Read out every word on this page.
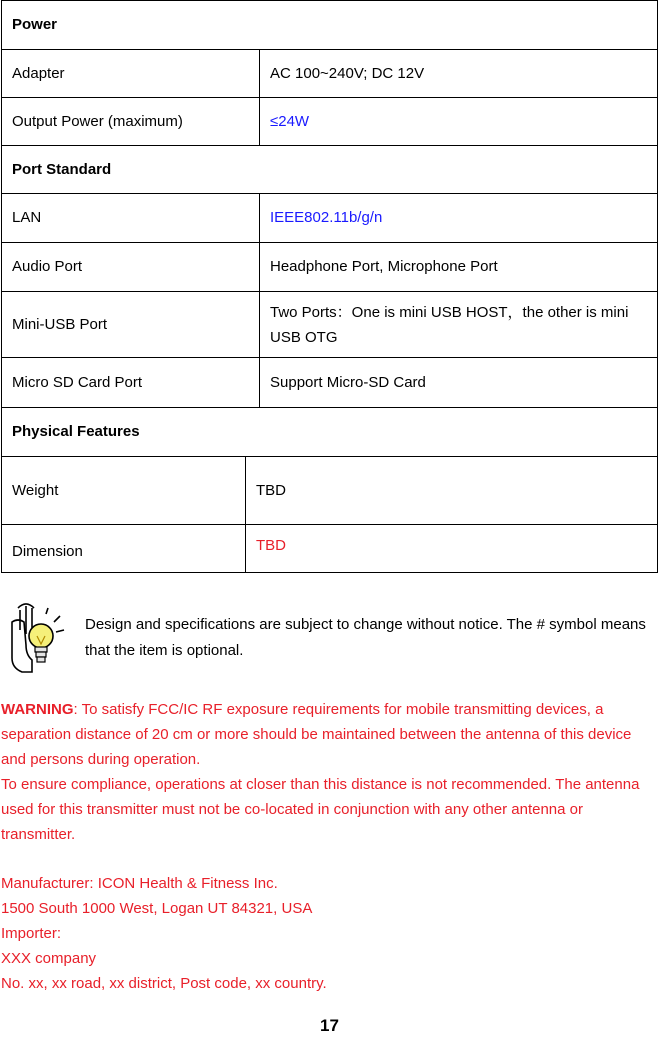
Power		
Adapter		AC 100~240V; DC 12V
Output Power (maximum)		≤24W
Port Standard		
LAN		IEEE802.11b/g/n
Audio Port		Headphone Port, Microphone Port
Mini-USB Port		Two Ports：One is mini USB HOST，the other is mini USB OTG
Micro SD Card Port		Support Micro-SD Card
Physical Features		
Weight	TBD	
Dimension	TBD	
Design and specifications are subject to change without notice. The # symbol means that the item is optional.

WARNING: To satisfy FCC/IC RF exposure requirements for mobile transmitting devices, a separation distance of 20 cm or more should be maintained between the antenna of this device and persons during operation.

To ensure compliance, operations at closer than this distance is not recommended. The antenna used for this transmitter must not be co-located in conjunction with any other antenna or transmitter.

Manufacturer: ICON Health & Fitness Inc.

1500 South 1000 West, Logan UT 84321, USA

Importer:

XXX company

No. xx, xx road, xx district, Post code, xx country.

17
